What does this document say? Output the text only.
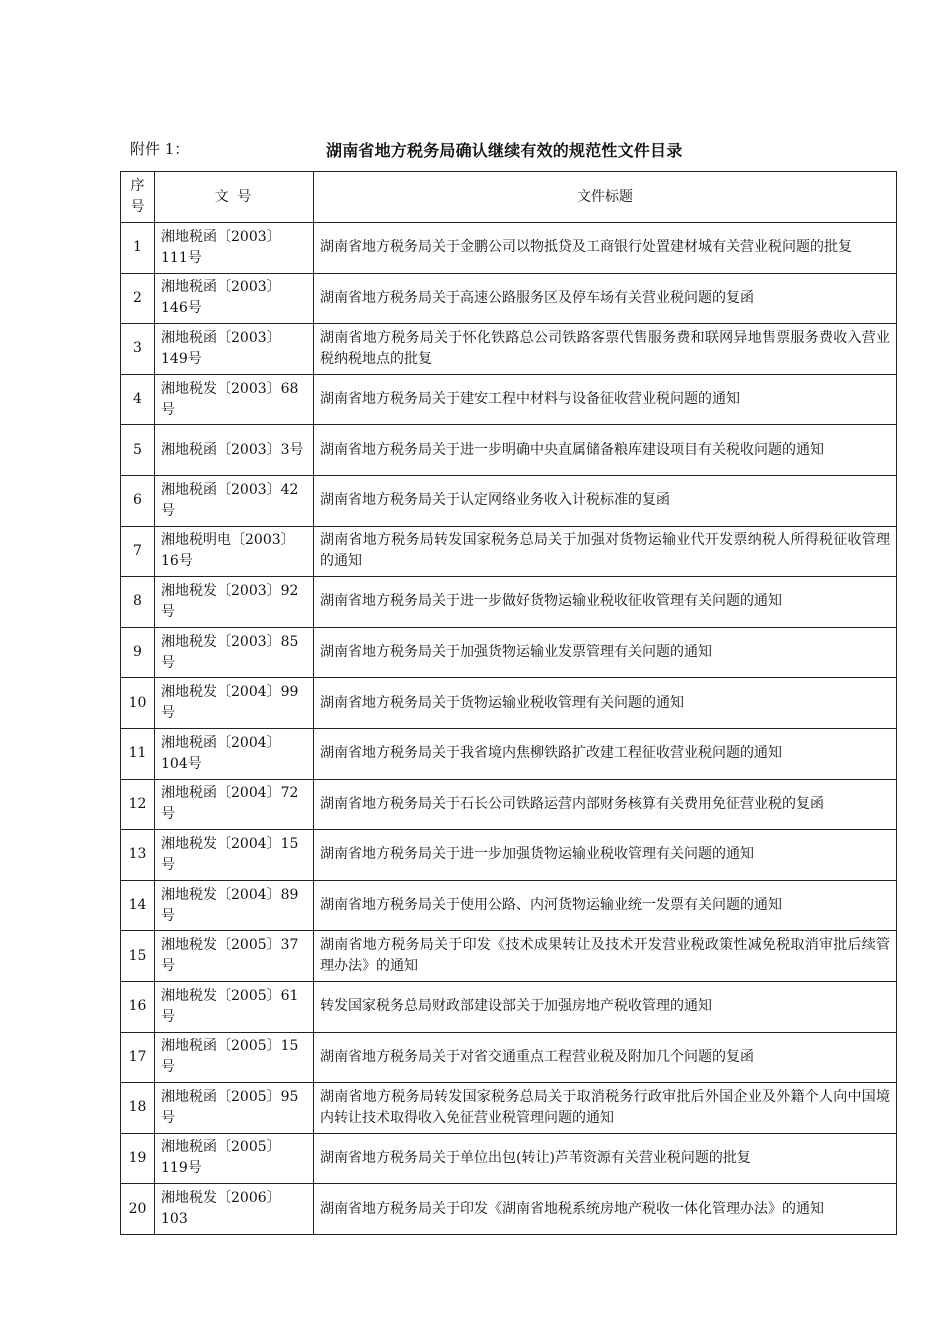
附件 1：	湖南省地方税务局确认继续有效的规范性文件目录
序号	文 号	文件标题
1	湘地税函〔2003〕111号	湖南省地方税务局关于金鹏公司以物抵贷及工商银行处置建材城有关营业税问题的批复
2	湘地税函〔2003〕146号	湖南省地方税务局关于高速公路服务区及停车场有关营业税问题的复函
3	湘地税函〔2003〕149号	湖南省地方税务局关于怀化铁路总公司铁路客票代售服务费和联网异地售票服务费收入营业税纳税地点的批复
4	湘地税发〔2003〕68号	湖南省地方税务局关于建安工程中材料与设备征收营业税问题的通知
5	湘地税函〔2003〕3号	湖南省地方税务局关于进一步明确中央直属储备粮库建设项目有关税收问题的通知
6	湘地税函〔2003〕42号	湖南省地方税务局关于认定网络业务收入计税标准的复函
7	湘地税明电〔2003〕16号	湖南省地方税务局转发国家税务总局关于加强对货物运输业代开发票纳税人所得税征收管理的通知
8	湘地税发〔2003〕92号	湖南省地方税务局关于进一步做好货物运输业税收征收管理有关问题的通知
9	湘地税发〔2003〕85号	湖南省地方税务局关于加强货物运输业发票管理有关问题的通知
10	湘地税发〔2004〕99号	湖南省地方税务局关于货物运输业税收管理有关问题的通知
11	湘地税函〔2004〕104号	湖南省地方税务局关于我省境内焦柳铁路扩改建工程征收营业税问题的通知
12	湘地税函〔2004〕72号	湖南省地方税务局关于石长公司铁路运营内部财务核算有关费用免征营业税的复函
13	湘地税发〔2004〕15号	湖南省地方税务局关于进一步加强货物运输业税收管理有关问题的通知
14	湘地税发〔2004〕89号	湖南省地方税务局关于使用公路、内河货物运输业统一发票有关问题的通知
15	湘地税发〔2005〕37号	湖南省地方税务局关于印发《技术成果转让及技术开发营业税政策性减免税取消审批后续管理办法》的通知
16	湘地税发〔2005〕61号	转发国家税务总局财政部建设部关于加强房地产税收管理的通知
17	湘地税函〔2005〕15号	湖南省地方税务局关于对省交通重点工程营业税及附加几个问题的复函
18	湘地税函〔2005〕95号	湖南省地方税务局转发国家税务总局关于取消税务行政审批后外国企业及外籍个人向中国境内转让技术取得收入免征营业税管理问题的通知
19	湘地税函〔2005〕119号	湖南省地方税务局关于单位出包(转让)芦苇资源有关营业税问题的批复
20	湘地税发〔2006〕103	湖南省地方税务局关于印发《湖南省地税系统房地产税收一体化管理办法》的通知
